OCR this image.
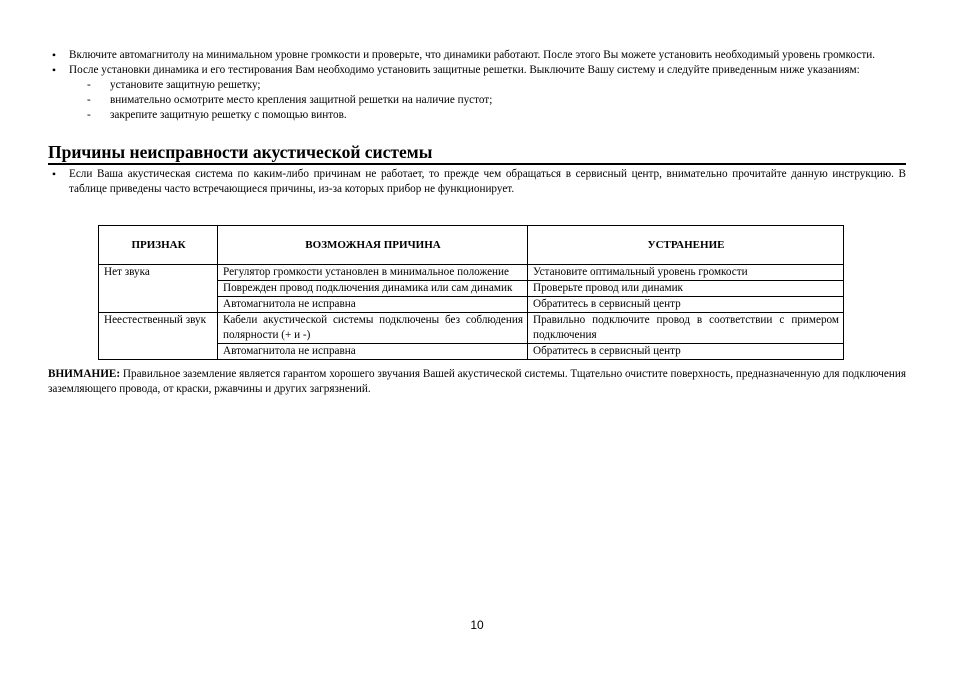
•	Включите автомагнитолу на минимальном уровне громкости и проверьте, что динамики работают. После этого Вы можете установить необходимый уровень громкости.
•	После установки динамика и его тестирования Вам необходимо установить защитные решетки. Выключите Вашу систему и следуйте приведенным ниже указаниям:
- установите защитную решетку;
- внимательно осмотрите место крепления защитной решетки на наличие пустот;
- закрепите защитную решетку с помощью винтов.
Причины неисправности акустической системы
•	Если Ваша акустическая система по каким-либо причинам не работает, то прежде чем обращаться в сервисный центр, внимательно прочитайте данную инструкцию. В таблице приведены часто встречающиеся причины, из-за которых прибор не функционирует.
ПРИЗНАК	ВОЗМОЖНАЯ ПРИЧИНА	УСТРАНЕНИЕ
Нет звука	Регулятор громкости установлен в минимальное положение	Установите оптимальный уровень громкости
	Поврежден провод подключения динамика или сам динамик	Проверьте провод или динамик
	Автомагнитола не исправна	Обратитесь в сервисный центр
Неестественный звук	Кабели акустической системы подключены без соблюдения полярности (+ и -)	Правильно подключите провод в соответствии с примером подключения
	Автомагнитола не исправна	Обратитесь в сервисный центр

ВНИМАНИЕ: Правильное заземление является гарантом хорошего звучания Вашей акустической системы. Тщательно очистите поверхность, предназначенную для подключения заземляющего провода, от краски, ржавчины и других загрязнений.

10
